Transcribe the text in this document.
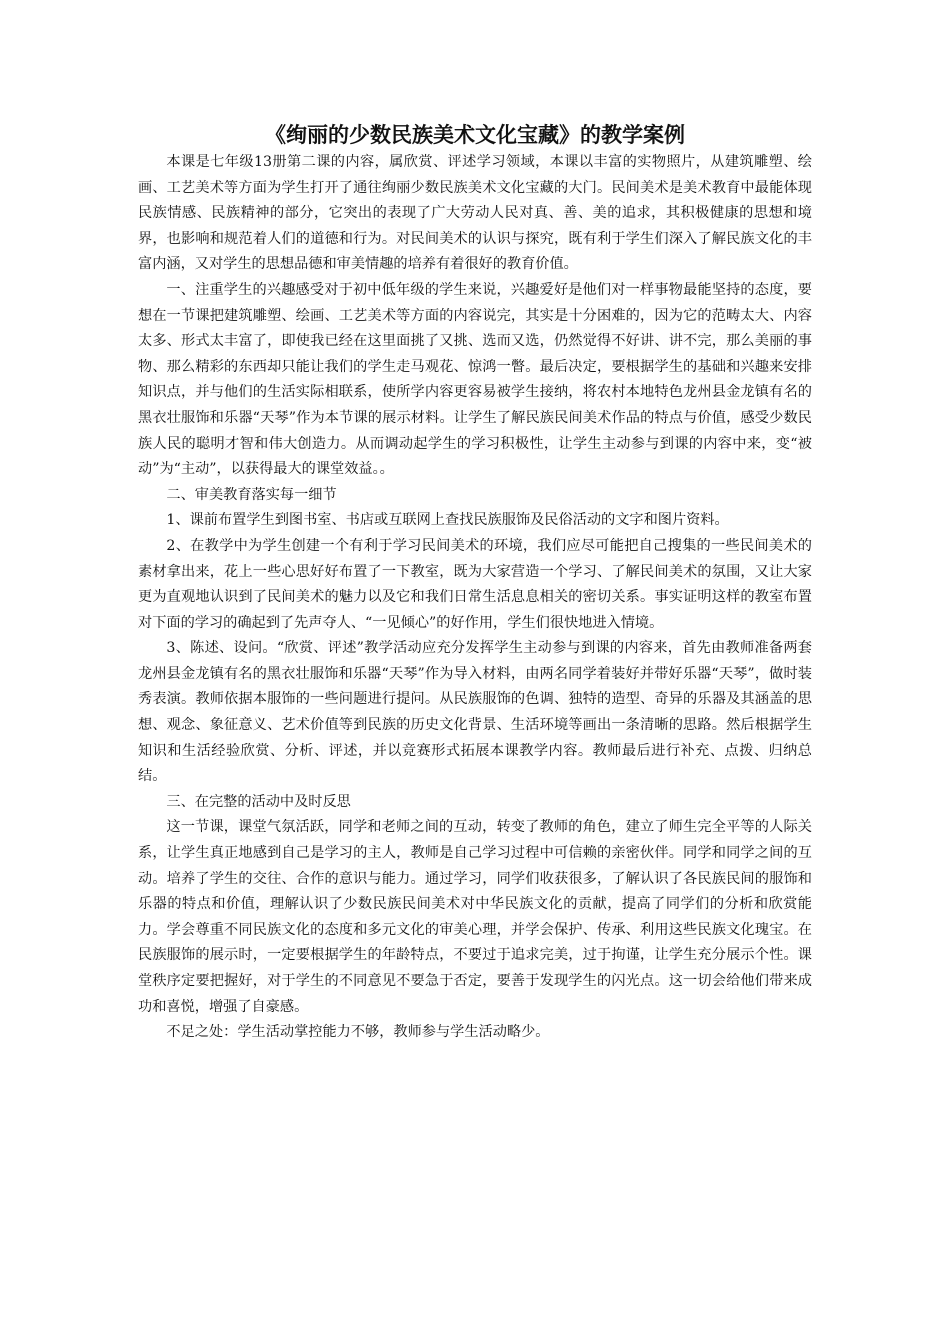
《绚丽的少数民族美术文化宝藏》的教学案例

本课是七年级13册第二课的内容，属欣赏、评述学习领域，本课以丰富的实物照片，从建筑雕塑、绘画、工艺美术等方面为学生打开了通往绚丽少数民族美术文化宝藏的大门。民间美术是美术教育中最能体现民族情感、民族精神的部分，它突出的表现了广大劳动人民对真、善、美的追求，其积极健康的思想和境界，也影响和规范着人们的道德和行为。对民间美术的认识与探究，既有利于学生们深入了解民族文化的丰富内涵，又对学生的思想品德和审美情趣的培养有着很好的教育价值。

一、注重学生的兴趣感受对于初中低年级的学生来说，兴趣爱好是他们对一样事物最能坚持的态度，要想在一节课把建筑雕塑、绘画、工艺美术等方面的内容说完，其实是十分困难的，因为它的范畴太大、内容太多、形式太丰富了，即使我已经在这里面挑了又挑、选而又选，仍然觉得不好讲、讲不完，那么美丽的事物、那么精彩的东西却只能让我们的学生走马观花、惊鸿一瞥。最后决定，要根据学生的基础和兴趣来安排知识点，并与他们的生活实际相联系，使所学内容更容易被学生接纳，将农村本地特色龙州县金龙镇有名的黑衣壮服饰和乐器“天琴”作为本节课的展示材料。让学生了解民族民间美术作品的特点与价值，感受少数民族人民的聪明才智和伟大创造力。从而调动起学生的学习积极性，让学生主动参与到课的内容中来，变“被动”为“主动”，以获得最大的课堂效益。。

二、审美教育落实每一细节

1、课前布置学生到图书室、书店或互联网上查找民族服饰及民俗活动的文字和图片资料。

2、在教学中为学生创建一个有利于学习民间美术的环境，我们应尽可能把自己搜集的一些民间美术的素材拿出来，花上一些心思好好布置了一下教室，既为大家营造一个学习、了解民间美术的氛围，又让大家更为直观地认识到了民间美术的魅力以及它和我们日常生活息息相关的密切关系。事实证明这样的教室布置对下面的学习的确起到了先声夺人、“一见倾心”的好作用，学生们很快地进入情境。

3、陈述、设问。“欣赏、评述”教学活动应充分发挥学生主动参与到课的内容来，首先由教师准备两套龙州县金龙镇有名的黑衣壮服饰和乐器“天琴”作为导入材料，由两名同学着装好并带好乐器“天琴”，做时装秀表演。教师依据本服饰的一些问题进行提问。从民族服饰的色调、独特的造型、奇异的乐器及其涵盖的思想、观念、象征意义、艺术价值等到民族的历史文化背景、生活环境等画出一条清晰的思路。然后根据学生知识和生活经验欣赏、分析、评述，并以竞赛形式拓展本课教学内容。教师最后进行补充、点拨、归纳总结。

三、在完整的活动中及时反思

这一节课，课堂气氛活跃，同学和老师之间的互动，转变了教师的角色，建立了师生完全平等的人际关系，让学生真正地感到自己是学习的主人，教师是自己学习过程中可信赖的亲密伙伴。同学和同学之间的互动。培养了学生的交往、合作的意识与能力。通过学习，同学们收获很多，了解认识了各民族民间的服饰和乐器的特点和价值，理解认识了少数民族民间美术对中华民族文化的贡献，提高了同学们的分析和欣赏能力。学会尊重不同民族文化的态度和多元文化的审美心理，并学会保护、传承、利用这些民族文化瑰宝。在民族服饰的展示时，一定要根据学生的年龄特点，不要过于追求完美，过于拘谨，让学生充分展示个性。课堂秩序定要把握好，对于学生的不同意见不要急于否定，要善于发现学生的闪光点。这一切会给他们带来成功和喜悦，增强了自豪感。

不足之处：学生活动掌控能力不够，教师参与学生活动略少。
